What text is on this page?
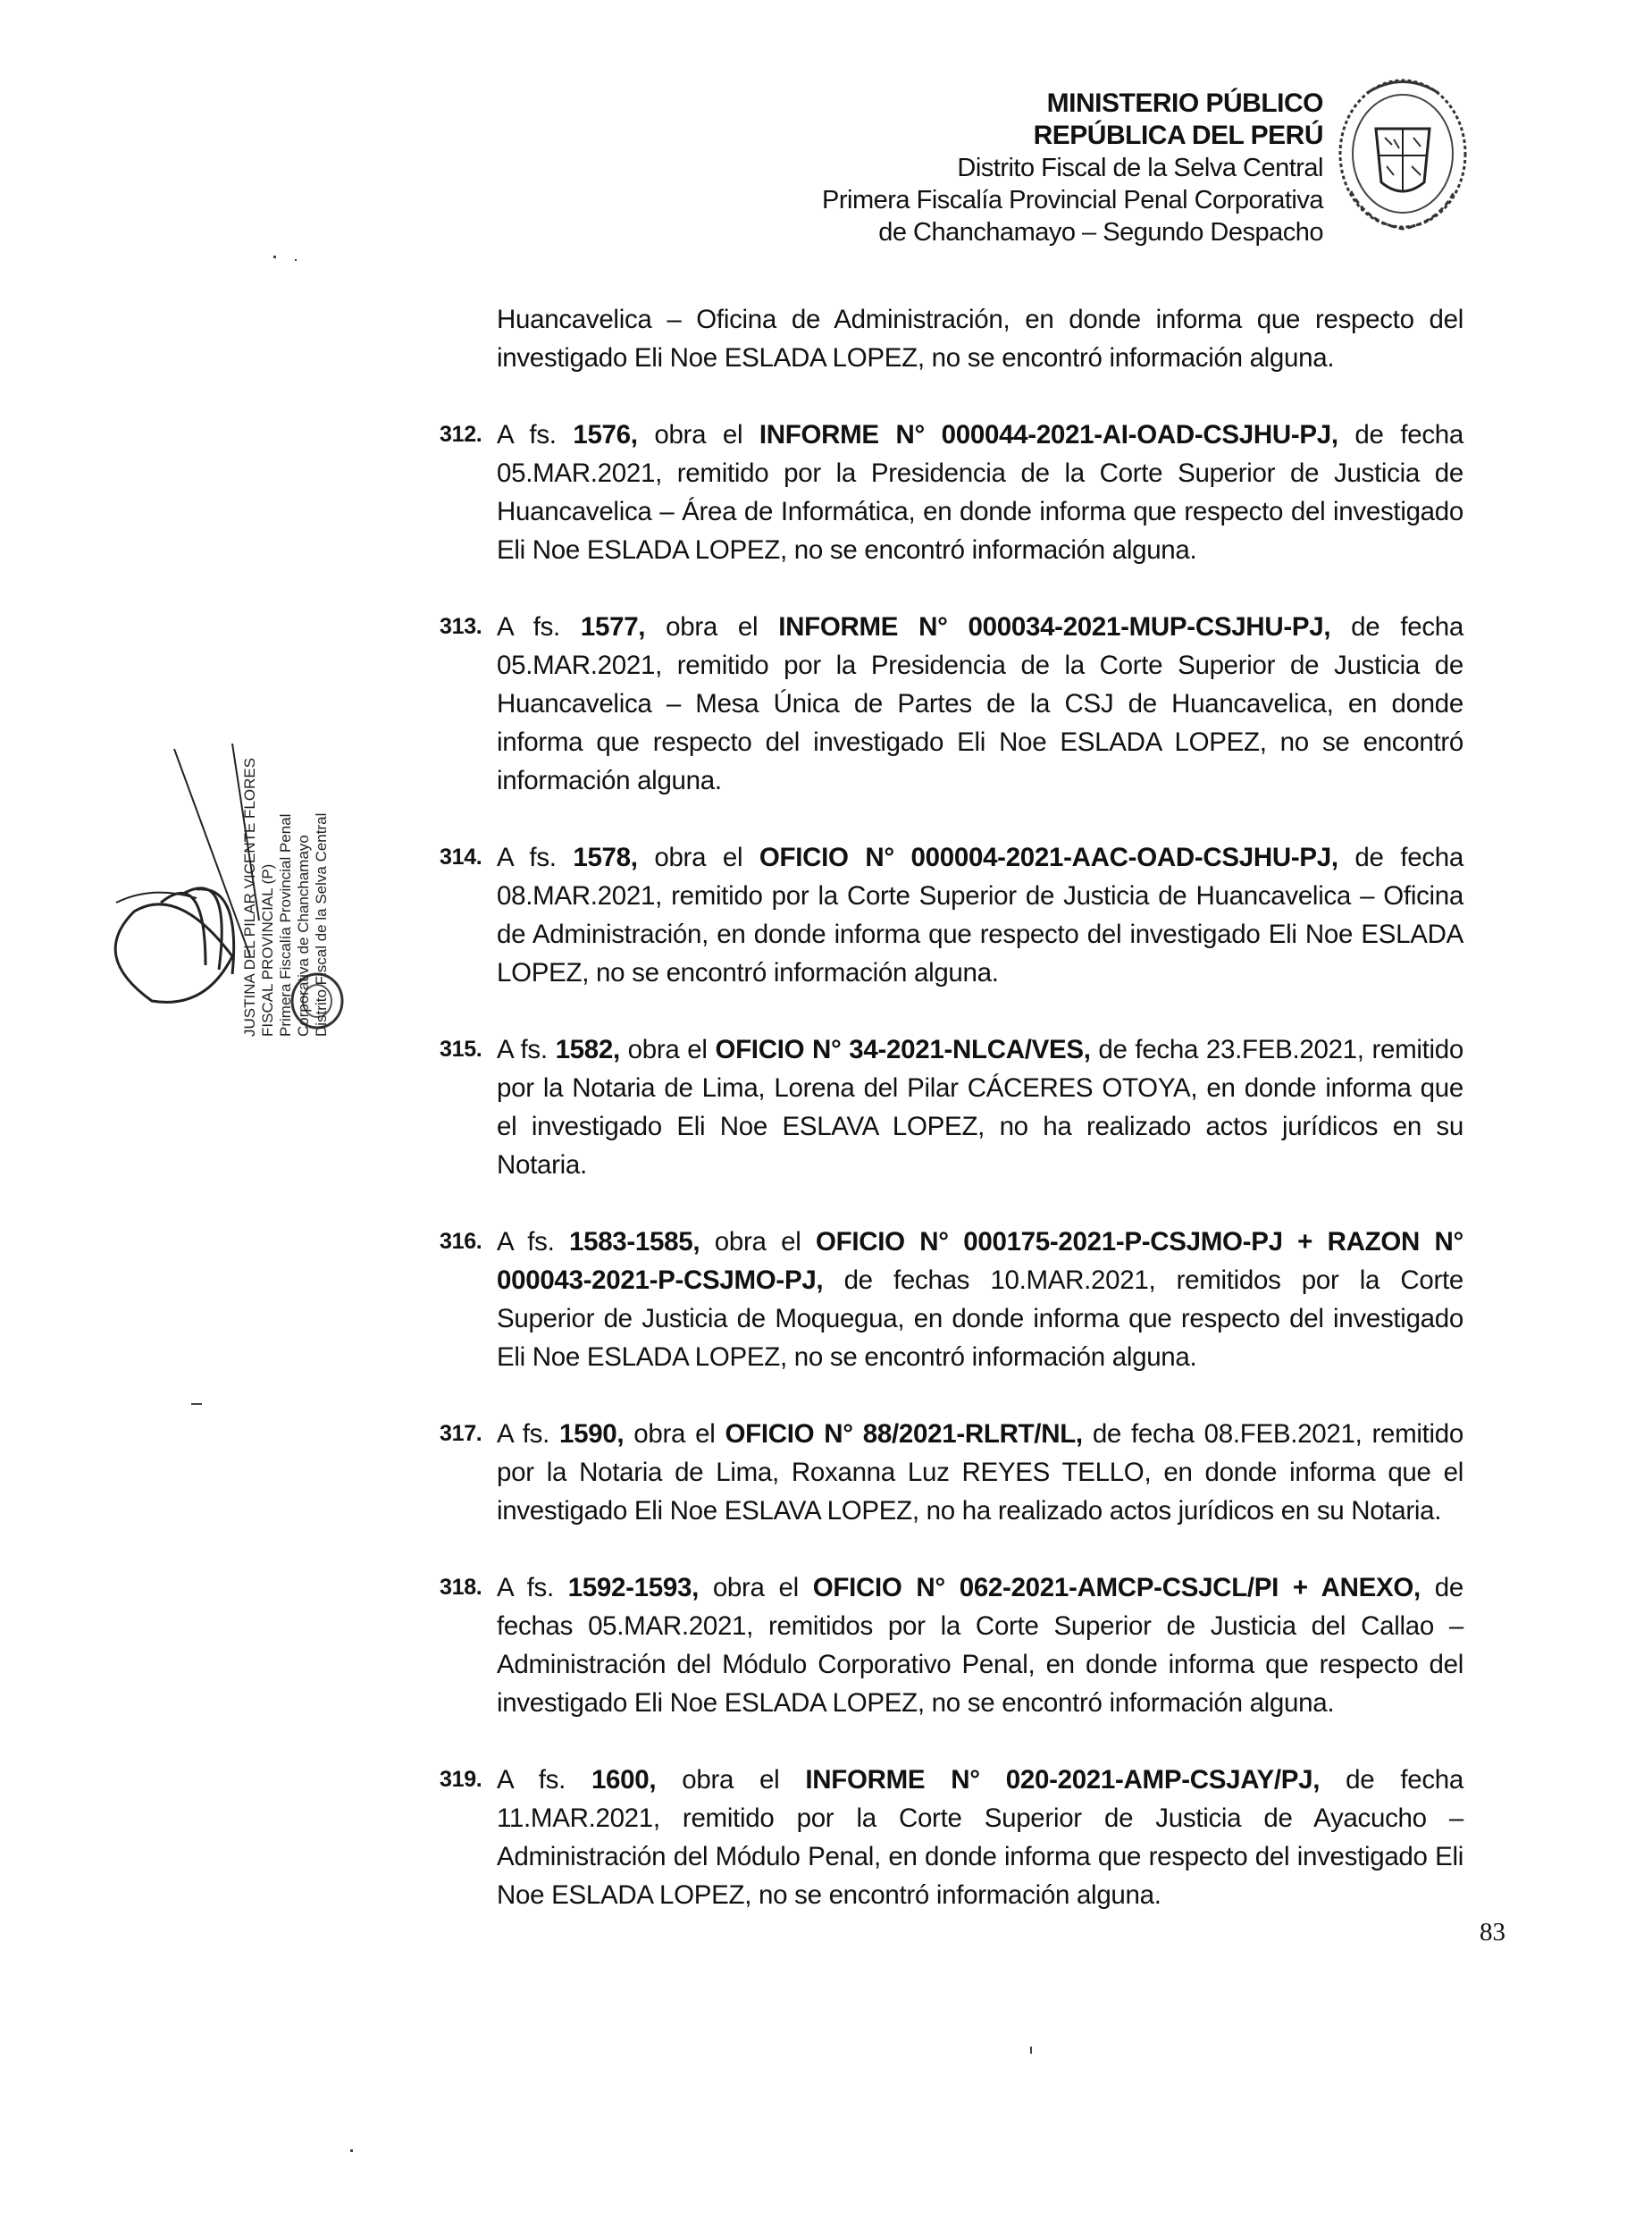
MINISTERIO PÚBLICO
REPÚBLICA DEL PERÚ
Distrito Fiscal de la Selva Central
Primera Fiscalía Provincial Penal Corporativa
de Chanchamayo – Segundo Despacho

Huancavelica – Oficina de Administración, en donde informa que respecto del investigado Eli Noe ESLADA LOPEZ, no se encontró información alguna.

312. A fs. 1576, obra el INFORME N° 000044-2021-AI-OAD-CSJHU-PJ, de fecha 05.MAR.2021, remitido por la Presidencia de la Corte Superior de Justicia de Huancavelica – Área de Informática, en donde informa que respecto del investigado Eli Noe ESLADA LOPEZ, no se encontró información alguna.

313. A fs. 1577, obra el INFORME N° 000034-2021-MUP-CSJHU-PJ, de fecha 05.MAR.2021, remitido por la Presidencia de la Corte Superior de Justicia de Huancavelica – Mesa Única de Partes de la CSJ de Huancavelica, en donde informa que respecto del investigado Eli Noe ESLADA LOPEZ, no se encontró información alguna.

314. A fs. 1578, obra el OFICIO N° 000004-2021-AAC-OAD-CSJHU-PJ, de fecha 08.MAR.2021, remitido por la Corte Superior de Justicia de Huancavelica – Oficina de Administración, en donde informa que respecto del investigado Eli Noe ESLADA LOPEZ, no se encontró información alguna.

315. A fs. 1582, obra el OFICIO N° 34-2021-NLCA/VES, de fecha 23.FEB.2021, remitido por la Notaria de Lima, Lorena del Pilar CÁCERES OTOYA, en donde informa que el investigado Eli Noe ESLAVA LOPEZ, no ha realizado actos jurídicos en su Notaria.

316. A fs. 1583-1585, obra el OFICIO N° 000175-2021-P-CSJMO-PJ + RAZON N° 000043-2021-P-CSJMO-PJ, de fechas 10.MAR.2021, remitidos por la Corte Superior de Justicia de Moquegua, en donde informa que respecto del investigado Eli Noe ESLADA LOPEZ, no se encontró información alguna.

317. A fs. 1590, obra el OFICIO N° 88/2021-RLRT/NL, de fecha 08.FEB.2021, remitido por la Notaria de Lima, Roxanna Luz REYES TELLO, en donde informa que el investigado Eli Noe ESLAVA LOPEZ, no ha realizado actos jurídicos en su Notaria.

318. A fs. 1592-1593, obra el OFICIO N° 062-2021-AMCP-CSJCL/PI + ANEXO, de fechas 05.MAR.2021, remitidos por la Corte Superior de Justicia del Callao – Administración del Módulo Corporativo Penal, en donde informa que respecto del investigado Eli Noe ESLADA LOPEZ, no se encontró información alguna.

319. A fs. 1600, obra el INFORME N° 020-2021-AMP-CSJAY/PJ, de fecha 11.MAR.2021, remitido por la Corte Superior de Justicia de Ayacucho – Administración del Módulo Penal, en donde informa que respecto del investigado Eli Noe ESLADA LOPEZ, no se encontró información alguna.

JUSTINA DEL PILAR VICENTE FLORES FISCAL PROVINCIAL (P) Primera Fiscalía Provincial Penal Corporativa de Chanchamayo Distrito Fiscal de la Selva Central
83
